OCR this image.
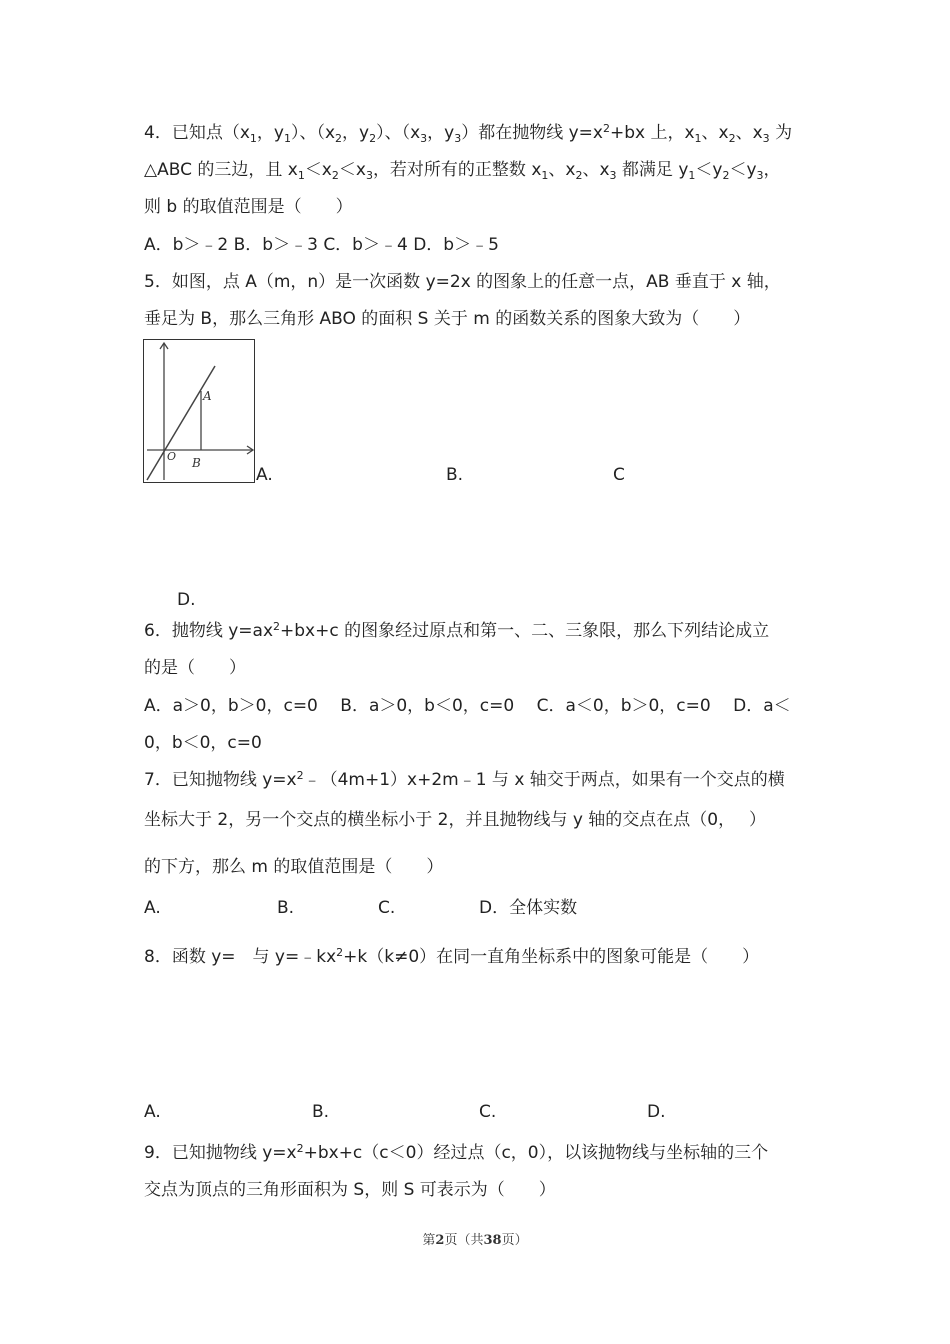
4．已知点（$x_1$，$y_1$）、（$x_2$，$y_2$）、（$x_3$，$y_3$）都在抛物线 $y=x^2+bx$ 上，$x_1$、$x_2$、$x_3$ 为
△ABC 的三边，且 $x_1<x_2<x_3$，若对所有的正整数 $x_1$、$x_2$、$x_3$ 都满足 $y_1<y_2<y_3$，
则 b 的取值范围是（　　）
A．b＞﹣2 B．b＞﹣3 C．b＞﹣4 D．b＞﹣5
5．如图，点 A（m，n）是一次函数 y=2x 的图象上的任意一点，AB 垂直于 x 轴，
垂足为 B，那么三角形 ABO 的面积 S 关于 m 的函数关系的图象大致为（　　）
A
O B
A.	B.	C
D.
6．抛物线 $y=ax^2+bx+c$ 的图象经过原点和第一、二、三象限，那么下列结论成立
的是（　　）
A．a＞0，b＞0，c=0　 B．a＞0，b＜0，c=0　 C．a＜0，b＞0，c=0　 D．a＜
0，b＜0，c=0
7．已知抛物线 $y=x^2﹣(4m+1)x+2m﹣1$ 与 x 轴交于两点，如果有一个交点的横
坐标大于 2，另一个交点的横坐标小于 2，并且抛物线与 y 轴的交点在点（0，　 ）
的下方，那么 m 的取值范围是（　　）
A.	B.	C.	D．全体实数
8．函数 y=　与 $y=﹣kx^2+k(k\ne 0)$在同一直角坐标系中的图象可能是（　　）
A.	B.	C.	D.
9．已知抛物线 $y=x^2+bx+c(c<0)$经过点（c，0），以该抛物线与坐标轴的三个
交点为顶点的三角形面积为 S，则 S 可表示为（　　）
第2页（共38页）
